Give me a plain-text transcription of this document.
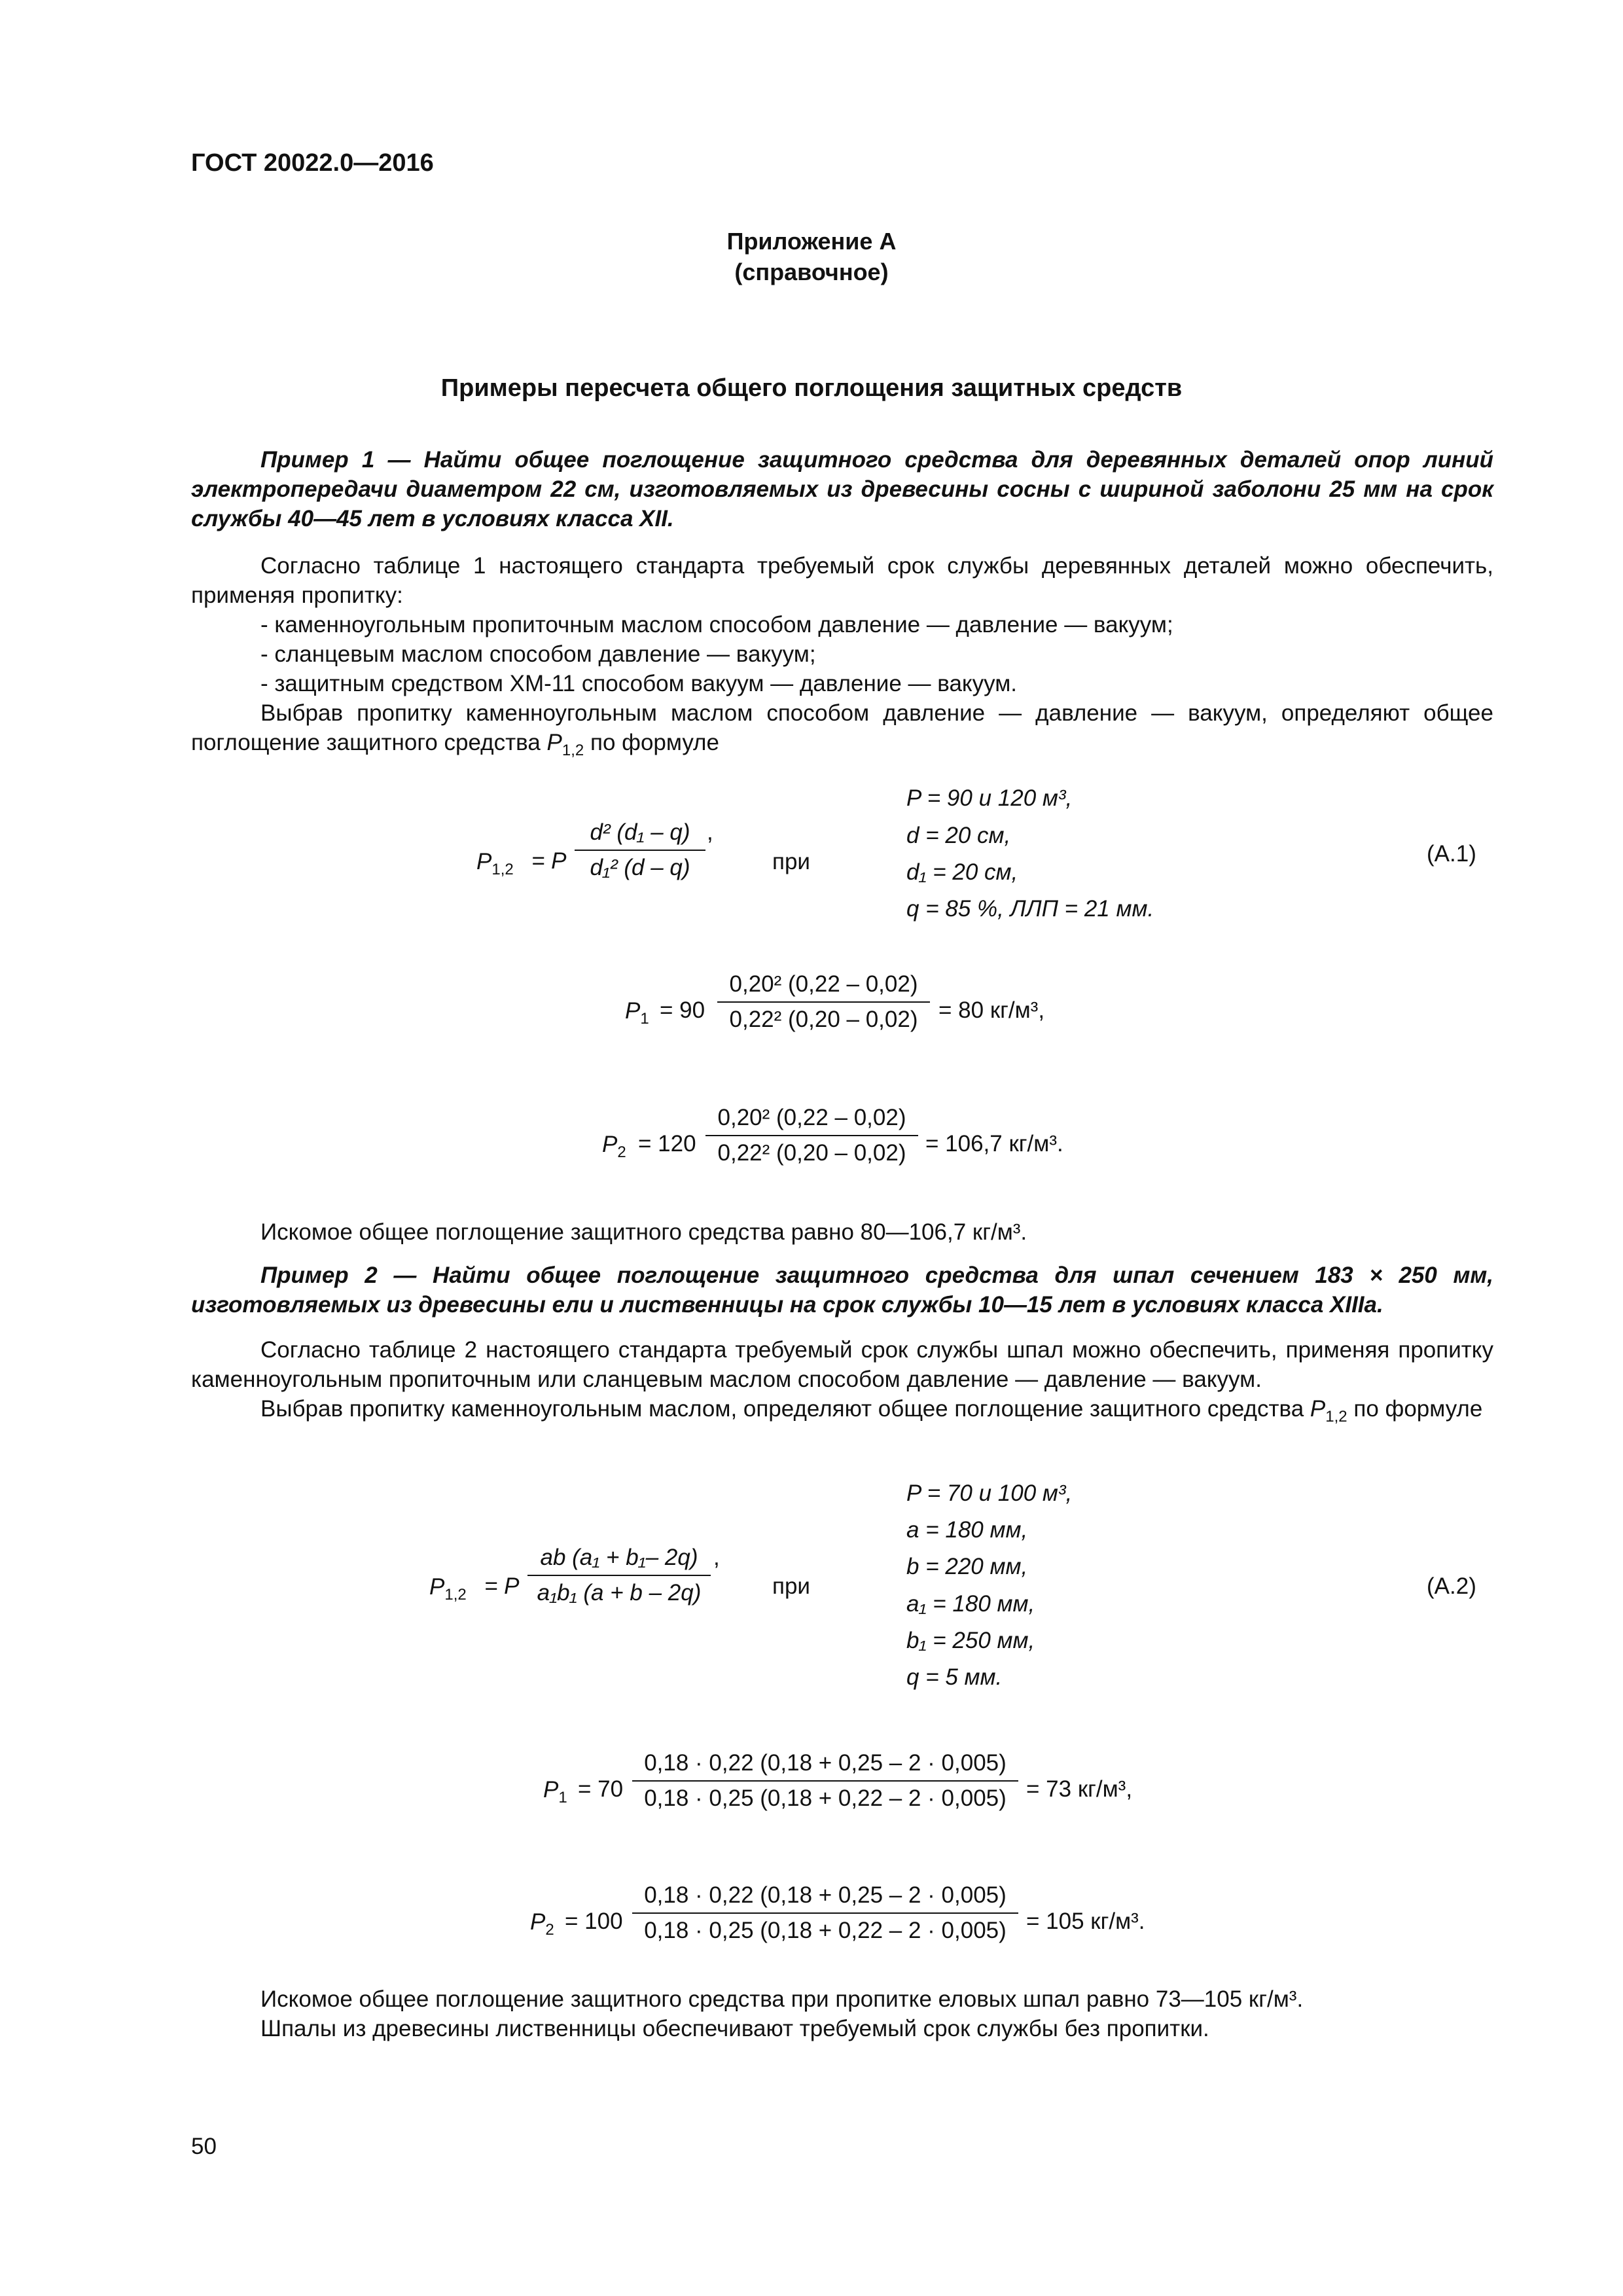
ГОСТ 20022.0—2016
Приложение А
(справочное)
Примеры пересчета общего поглощения защитных средств
Пример 1 — Найти общее поглощение защитного средства для деревянных деталей опор линий электропередачи диаметром 22 см, изготовляемых из древесины сосны с шириной заболони 25 мм на срок службы 40—45 лет в условиях класса XII.
Согласно таблице 1 настоящего стандарта требуемый срок службы деревянных деталей можно обеспечить, применяя пропитку:
- каменноугольным пропиточным маслом способом давление — давление — вакуум;
- сланцевым маслом способом давление — вакуум;
- защитным средством ХМ-11 способом вакуум — давление — вакуум.
Выбрав пропитку каменноугольным маслом способом давление — давление — вакуум, определяют общее поглощение защитного средства $P_{1,2}$ по формуле
$P_{1,2} = P \frac{\text{d² (d₁ – q)}}{\text{d₁² (d – q)}}$ ,
при
P = 90 и 120 м³,
d = 20 см,
d₁ = 20 см,
q = 85 %, ЛЛП = 21 мм.
(А.1)
$P_1 = 90 \frac{\text{0,20² (0,22 – 0,02)}}{\text{0,22² (0,20 – 0,02)}} = 80$ кг/м³,
$P_2 = 120 \frac{\text{0,20² (0,22 – 0,02)}}{\text{0,22² (0,20 – 0,02)}} = 106,7$ кг/м³.
Искомое общее поглощение защитного средства равно 80—106,7 кг/м³.
Пример 2 — Найти общее поглощение защитного средства для шпал сечением 183 × 250 мм, изготовляемых из древесины ели и лиственницы на срок службы 10—15 лет в условиях класса XIIIa.
Согласно таблице 2 настоящего стандарта требуемый срок службы шпал можно обеспечить, применяя пропитку каменноугольным пропиточным или сланцевым маслом способом давление — давление — вакуум.
Выбрав пропитку каменноугольным маслом, определяют общее поглощение защитного средства $P_{1,2}$ по формуле
$P_{1,2} = P \frac{\text{ab (a₁ + b₁– 2q)}}{\text{a₁b₁ (a + b – 2q)}}$ ,
при
P = 70 и 100 м³,
a = 180 мм,
b = 220 мм,
a₁ = 180 мм,
b₁ = 250 мм,
q = 5 мм.
(А.2)
$P_1 = 70 \frac{0,18 \cdot 0,22 (0,18 + 0,25 - 2 \cdot 0,005)}{0,18 \cdot 0,25 (0,18 + 0,22 - 2 \cdot 0,005)} = 73$ кг/м³,
$P_2 = 100 \frac{0,18 \cdot 0,22 (0,18 + 0,25 - 2 \cdot 0,005)}{0,18 \cdot 0,25 (0,18 + 0,22 - 2 \cdot 0,005)} = 105$ кг/м³.
Искомое общее поглощение защитного средства при пропитке еловых шпал равно 73—105 кг/м³.
Шпалы из древесины лиственницы обеспечивают требуемый срок службы без пропитки.
50
